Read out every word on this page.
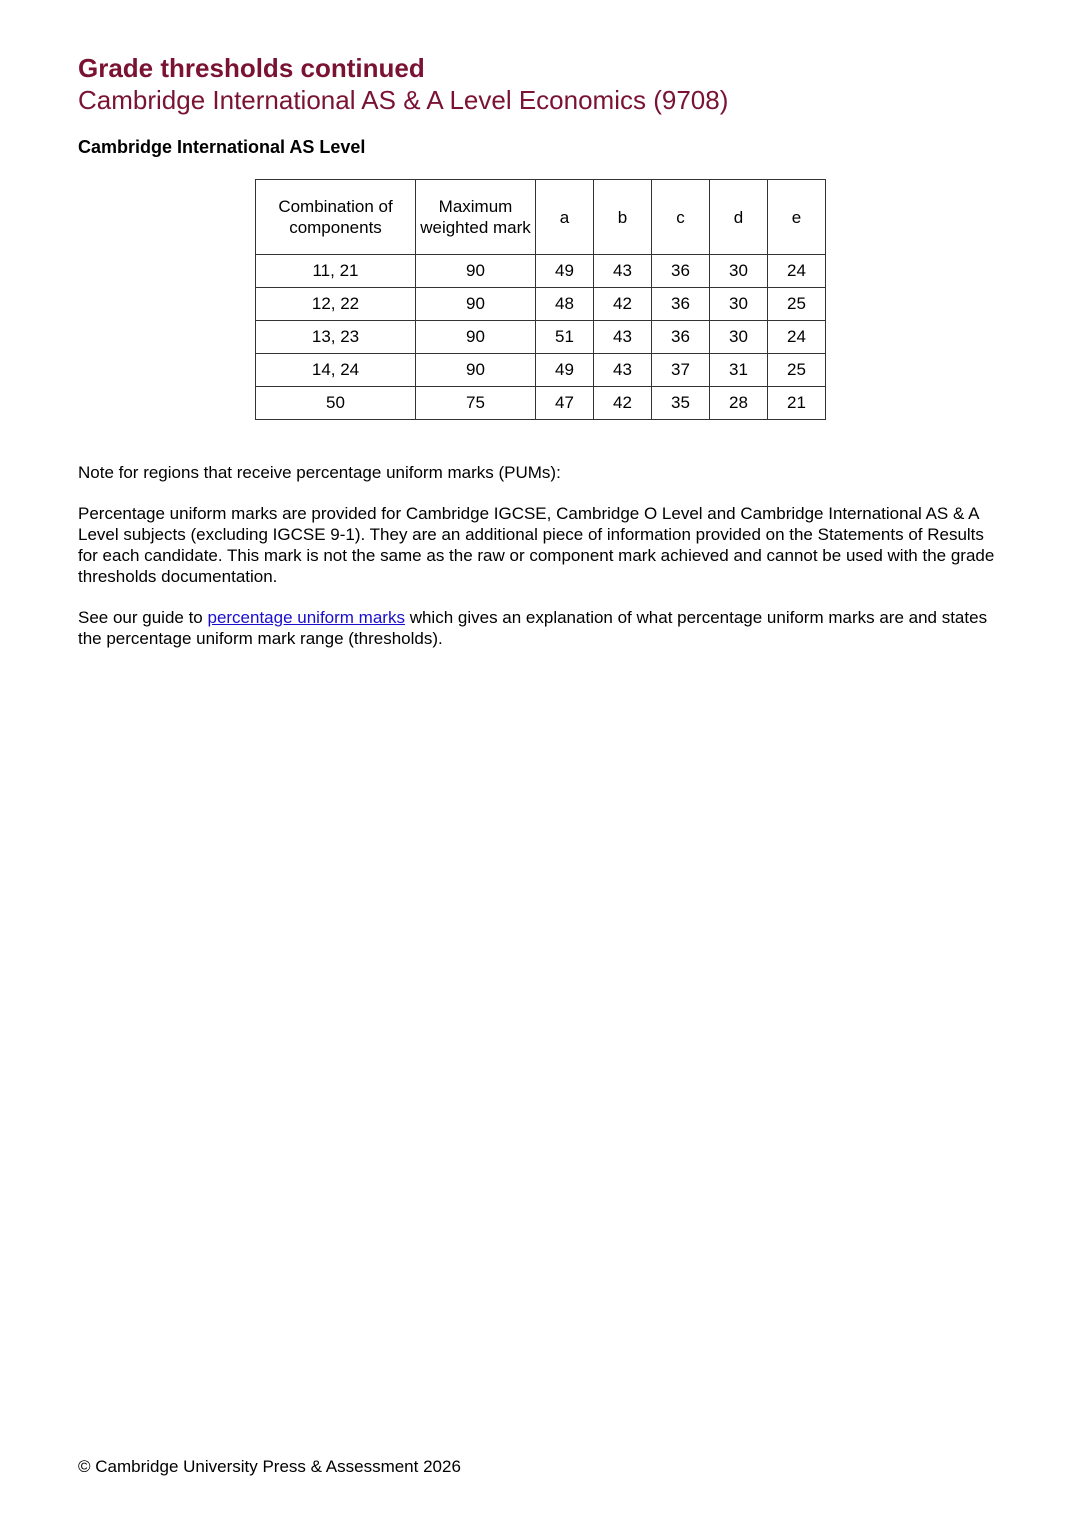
Grade thresholds continued
Cambridge International AS & A Level Economics (9708)
Cambridge International AS Level
Combination of components	Maximum weighted mark	a	b	c	d	e
11, 21	90	49	43	36	30	24
12, 22	90	48	42	36	30	25
13, 23	90	51	43	36	30	24
14, 24	90	49	43	37	31	25
50	75	47	42	35	28	21

Note for regions that receive percentage uniform marks (PUMs):

Percentage uniform marks are provided for Cambridge IGCSE, Cambridge O Level and Cambridge International AS & A Level subjects (excluding IGCSE 9-1). They are an additional piece of information provided on the Statements of Results for each candidate. This mark is not the same as the raw or component mark achieved and cannot be used with the grade thresholds documentation.

See our guide to percentage uniform marks which gives an explanation of what percentage uniform marks are and states the percentage uniform mark range (thresholds).

© Cambridge University Press & Assessment 2026
